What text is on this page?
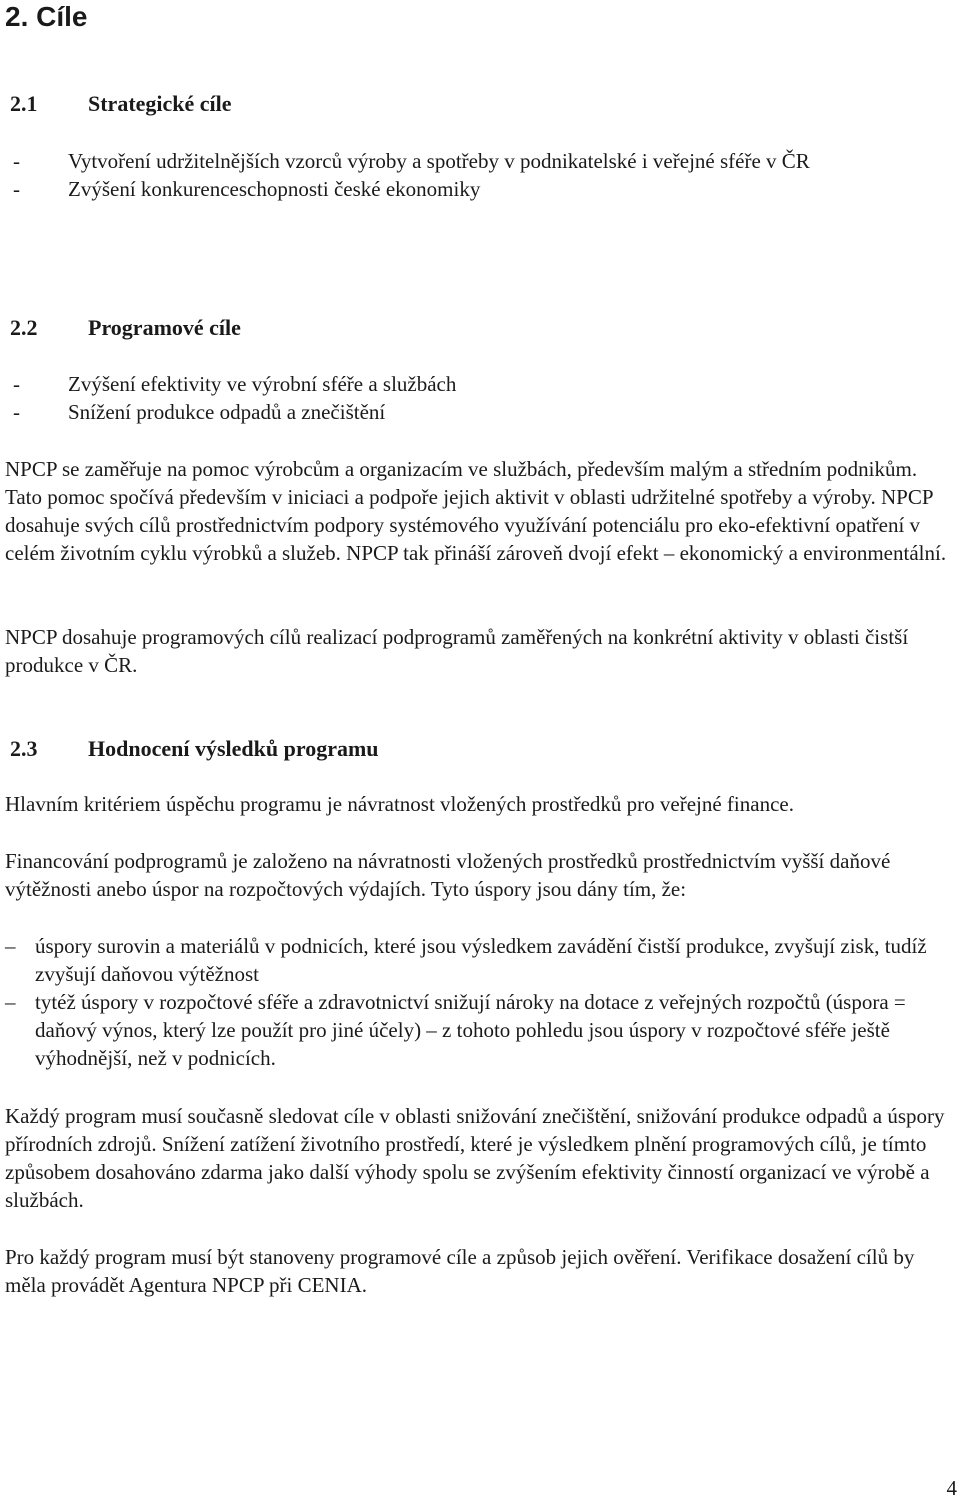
2. Cíle
2.1 Strategické cíle
- Vytvoření udržitelnějších vzorců výroby a spotřeby v podnikatelské i veřejné sféře v ČR
- Zvýšení konkurenceschopnosti české ekonomiky
2.2 Programové cíle
- Zvýšení efektivity ve výrobní sféře a službách
- Snížení produkce odpadů a znečištění

NPCP se zaměřuje na pomoc výrobcům a organizacím ve službách, především malým a středním podnikům. Tato pomoc spočívá především v iniciaci a podpoře jejich aktivit v oblasti udržitelné spotřeby a výroby. NPCP dosahuje svých cílů prostřednictvím podpory systémového využívání potenciálu pro eko-efektivní opatření v celém životním cyklu výrobků a služeb. NPCP tak přináší zároveň dvojí efekt – ekonomický a environmentální.

NPCP dosahuje programových cílů realizací podprogramů zaměřených na konkrétní aktivity v oblasti čistší produkce v ČR.

2.3 Hodnocení výsledků programu

Hlavním kritériem úspěchu programu je návratnost vložených prostředků pro veřejné finance.

Financování podprogramů je založeno na návratnosti vložených prostředků prostřednictvím vyšší daňové výtěžnosti anebo úspor na rozpočtových výdajích. Tyto úspory jsou dány tím, že:

– úspory surovin a materiálů v podnicích, které jsou výsledkem zavádění čistší produkce, zvyšují zisk, tudíž zvyšují daňovou výtěžnost
– tytéž úspory v rozpočtové sféře a zdravotnictví snižují nároky na dotace z veřejných rozpočtů (úspora = daňový výnos, který lze použít pro jiné účely) – z tohoto pohledu jsou úspory v rozpočtové sféře ještě výhodnější, než v podnicích.

Každý program musí současně sledovat cíle v oblasti snižování znečištění, snižování produkce odpadů a úspory přírodních zdrojů. Snížení zatížení životního prostředí, které je výsledkem plnění programových cílů, je tímto způsobem dosahováno zdarma jako další výhody spolu se zvýšením efektivity činností organizací ve výrobě a službách.

Pro každý program musí být stanoveny programové cíle a způsob jejich ověření. Verifikace dosažení cílů by měla provádět Agentura NPCP při CENIA.

4
